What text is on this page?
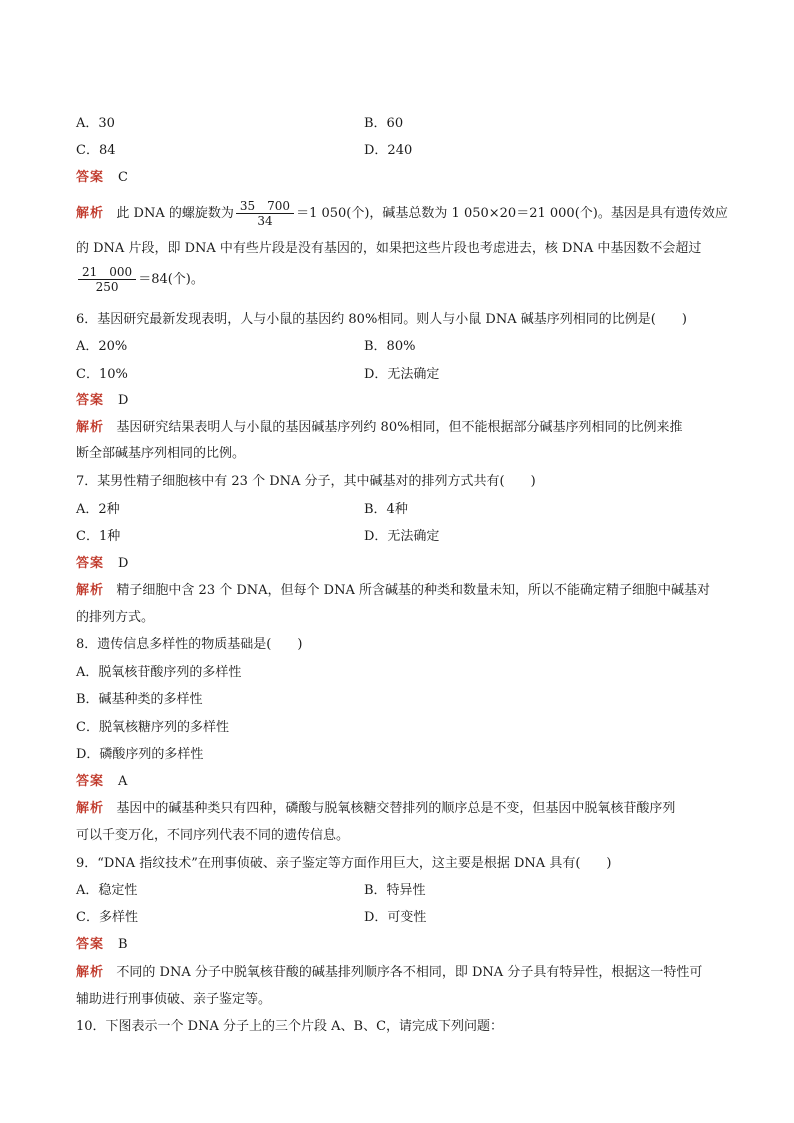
A．30	B．60
C．84	D．240
答案 C
解析 此 DNA 的螺旋数为 $\frac{35 700}{34} =1$ 050(个)，碱基总数为 1 050×20＝21 000(个)。基因是具有遗传效应
的 DNA 片段，即 DNA 中有些片段是没有基因的，如果把这些片段也考虑进去，核 DNA 中基因数不会超过
$\frac{21 000}{250} =84$(个)。
6．基因研究最新发现表明，人与小鼠的基因约 80%相同。则人与小鼠 DNA 碱基序列相同的比例是(　　)
A．20%	B．80%
C．10%	D．无法确定
答案 D
解析 基因研究结果表明人与小鼠的基因碱基序列约 80%相同，但不能根据部分碱基序列相同的比例来推
断全部碱基序列相同的比例。
7．某男性精子细胞核中有 23 个 DNA 分子，其中碱基对的排列方式共有(　　)
A．2种	B．4种
C．1种	D．无法确定
答案 D
解析 精子细胞中含 23 个 DNA，但每个 DNA 所含碱基的种类和数量未知，所以不能确定精子细胞中碱基对
的排列方式。
8．遗传信息多样性的物质基础是(　　)
A．脱氧核苷酸序列的多样性
B．碱基种类的多样性
C．脱氧核糖序列的多样性
D．磷酸序列的多样性
答案 A
解析 基因中的碱基种类只有四种，磷酸与脱氧核糖交替排列的顺序总是不变，但基因中脱氧核苷酸序列
可以千变万化，不同序列代表不同的遗传信息。
9．“DNA 指纹技术”在刑事侦破、亲子鉴定等方面作用巨大，这主要是根据 DNA 具有(　　)
A．稳定性	B．特异性
C．多样性	D．可变性
答案 B
解析 不同的 DNA 分子中脱氧核苷酸的碱基排列顺序各不相同，即 DNA 分子具有特异性，根据这一特性可
辅助进行刑事侦破、亲子鉴定等。
10．下图表示一个 DNA 分子上的三个片段 A、B、C，请完成下列问题：
